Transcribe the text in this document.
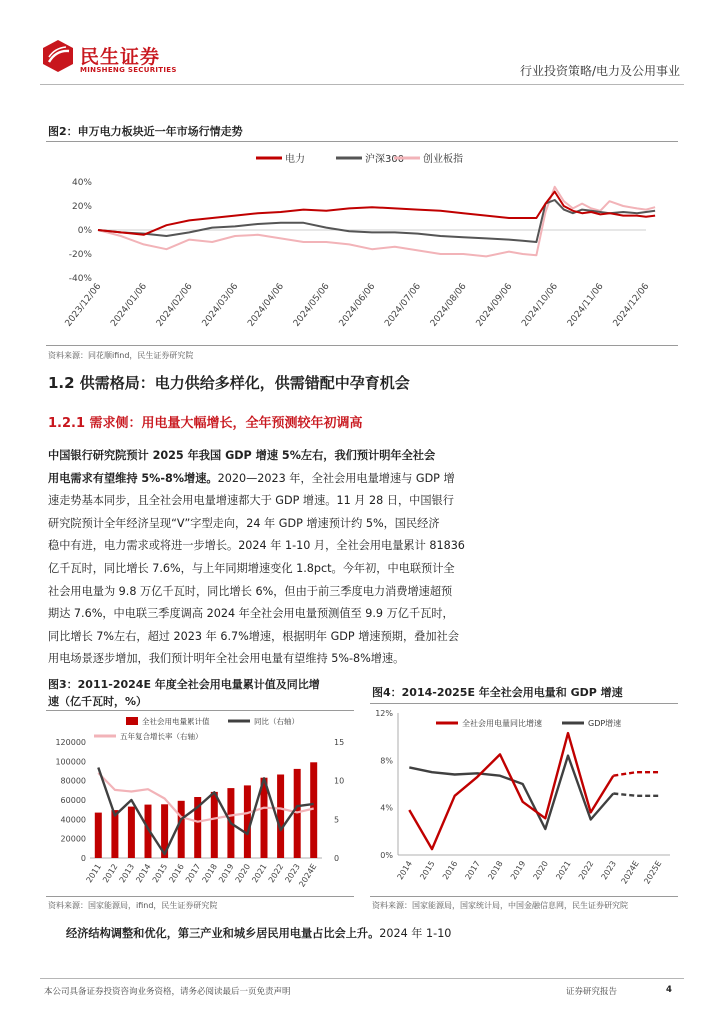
民生证券
MINSHENG SECURITIES	行业投资策略/电力及公用事业
图2：申万电力板块近一年市场行情走势
电力	沪深300 创业板指
40%
20%
0%
-20%
-40%
2023/12/06 2024/01/06 2024/02/06 2024/03/06 2024/04/06 2024/05/06 2024/06/06 2024/07/06 2024/08/06 2024/09/06 2024/10/06 2024/11/06 2024/12/06
资料来源：同花顺ifind，民生证券研究院
1.2 供需格局：电力供给多样化，供需错配中孕育机会
1.2.1 需求侧：用电量大幅增长，全年预测较年初调高
中国银行研究院预计 2025 年我国 GDP 增速 5%左右，我们预计明年全社会
用电需求有望维持 5%-8%增速。2020—2023 年，全社会用电量增速与 GDP 增
速走势基本同步，且全社会用电量增速都大于 GDP 增速。11 月 28 日，中国银行
研究院预计全年经济呈现“V”字型走向，24 年 GDP 增速预计约 5%，国民经济
稳中有进，电力需求或将进一步增长。2024 年 1-10 月，全社会用电量累计 81836
亿千瓦时，同比增长 7.6%，与上年同期增速变化 1.8pct。今年初，中电联预计全
社会用电量为 9.8 万亿千瓦时，同比增长 6%，但由于前三季度电力消费增速超预
期达 7.6%，中电联三季度调高 2024 年全社会用电量预测值至 9.9 万亿千瓦时，
同比增长 7%左右，超过 2023 年 6.7%增速，根据明年 GDP 增速预期，叠加社会
用电场景逐步增加，我们预计明年全社会用电量有望维持 5%-8%增速。
图3：2011-2024E 年度全社会用电量累计值及同比增
速（亿千瓦时，%）
全社会用电量累计值	同比（右轴）
五年复合增长率（右轴）
120000
100000
80000
60000
40000
20000
0
15
10
5
0
2011
2012
2013
2014
2015
2016
2017
2018
2019
2020
2021
2022
2023
2024E
资料来源：国家能源局，ifind，民生证券研究院
图4：2014-2025E 年全社会用电量和 GDP 增速
12%
8%
4%
0%
全社会用电量同比增速	GDP增速
2014 2015 2016 2017 2018 2019 2020 2021 2022 2023 2024E 2025E
资料来源：国家能源局，国家统计局，中国金融信息网，民生证券研究院
经济结构调整和优化，第三产业和城乡居民用电量占比会上升。2024 年 1-10
本公司具备证券投资咨询业务资格，请务必阅读最后一页免责声明	证券研究报告	4
